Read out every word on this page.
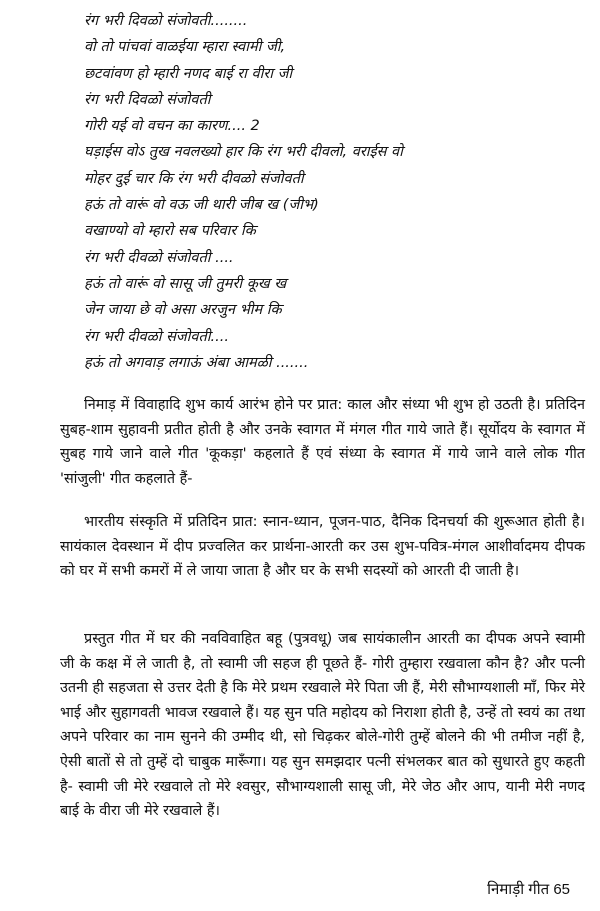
रंग भरी दिवळो संजोवती........
वो तो पांचवां वाळईया म्हारा स्वामी जी,
छटवांवण हो म्हारी नणद बाई रा वीरा जी
रंग भरी दिवळो संजोवती
गोरी यई वो वचन का कारण.... 2
घड़ाईस वोऽ तुख नवलख्यो हार कि रंग भरी दीवलो, वराईस वो
मोहर दुई चार कि रंग भरी दीवळो संजोवती
हऊं तो वारूं वो वऊ जी थारी जीब ख (जीभ)
वखाण्यो वो म्हारो सब परिवार कि
रंग भरी दीवळो संजोवती ....
हऊं तो वारूं वो सासू जी तुमरी कूख ख
जेन जाया छे वो असा अरजुन भीम कि
रंग भरी दीवळो संजोवती....
हऊं तो अगवाड़ लगाऊं अंबा आमळी .......

निमाड़ में विवाहादि शुभ कार्य आरंभ होने पर प्रात: काल और संध्या भी शुभ हो उठती है। प्रतिदिन सुबह-शाम सुहावनी प्रतीत होती है और उनके स्वागत में मंगल गीत गाये जाते हैं। सूर्योदय के स्वागत में सुबह गाये जाने वाले गीत 'कूकड़ा' कहलाते हैं एवं संध्या के स्वागत में गाये जाने वाले लोक गीत 'सांजुली' गीत कहलाते हैं-

भारतीय संस्कृति में प्रतिदिन प्रात: स्नान-ध्यान, पूजन-पाठ, दैनिक दिनचर्या की शुरूआत होती है। सायंकाल देवस्थान में दीप प्रज्वलित कर प्रार्थना-आरती कर उस शुभ-पवित्र-मंगल आशीर्वादमय दीपक को घर में सभी कमरों में ले जाया जाता है और घर के सभी सदस्यों को आरती दी जाती है।

प्रस्तुत गीत में घर की नवविवाहित बहू (पुत्रवधू) जब सायंकालीन आरती का दीपक अपने स्वामी जी के कक्ष में ले जाती है, तो स्वामी जी सहज ही पूछते हैं- गोरी तुम्हारा रखवाला कौन है? और पत्नी उतनी ही सहजता से उत्तर देती है कि मेरे प्रथम रखवाले मेरे पिता जी हैं, मेरी सौभाग्यशाली माँ, फिर मेरे भाई और सुहागवती भावज रखवाले हैं। यह सुन पति महोदय को निराशा होती है, उन्हें तो स्वयं का तथा अपने परिवार का नाम सुनने की उम्मीद थी, सो चिढ़कर बोले-गोरी तुम्हें बोलने की भी तमीज नहीं है, ऐसी बातों से तो तुम्हें दो चाबुक मारूँगा। यह सुन समझदार पत्नी संभलकर बात को सुधारते हुए कहती है- स्वामी जी मेरे रखवाले तो मेरे श्वसुर, सौभाग्यशाली सासू जी, मेरे जेठ और आप, यानी मेरी नणद बाई के वीरा जी मेरे रखवाले हैं।

निमाड़ी गीत 65
